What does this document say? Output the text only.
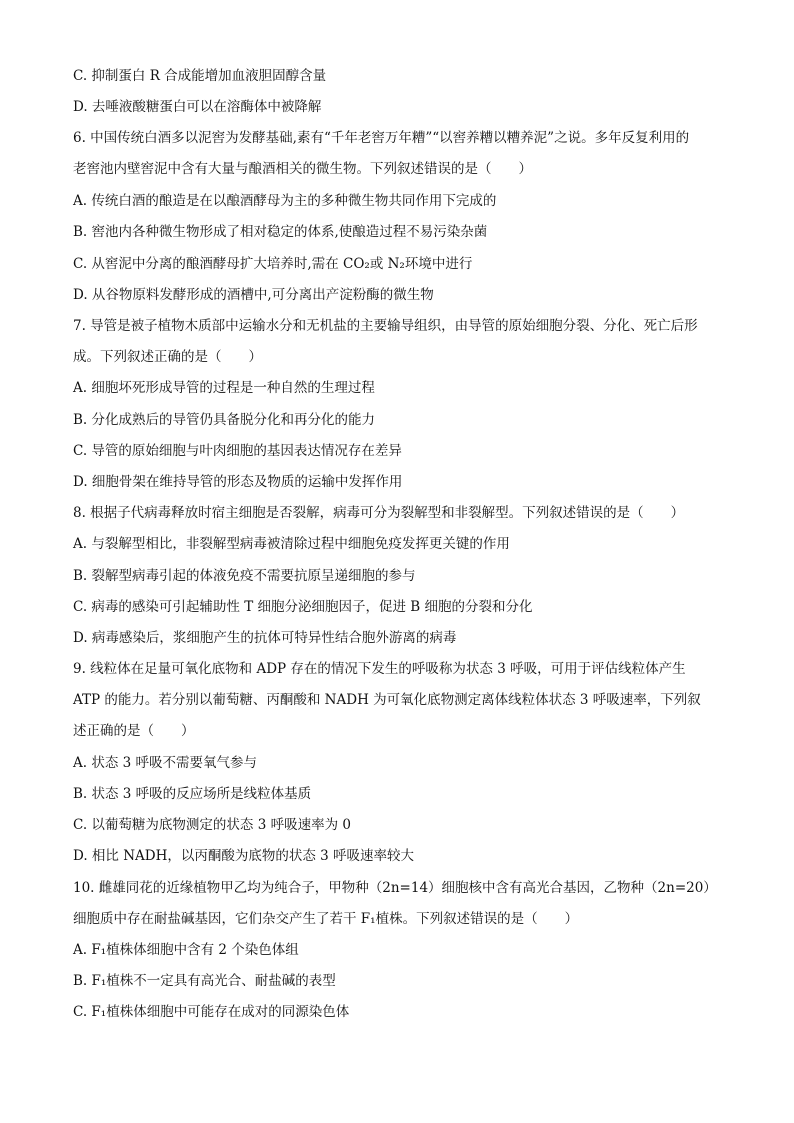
C. 抑制蛋白 R 合成能增加血液胆固醇含量
D. 去唾液酸糖蛋白可以在溶酶体中被降解
6. 中国传统白酒多以泥窖为发酵基础,素有“千年老窖万年糟”“以窖养糟以糟养泥”之说。多年反复利用的
老窖池内壁窖泥中含有大量与酿酒相关的微生物。下列叙述错误的是（　　）
A. 传统白酒的酿造是在以酿酒酵母为主的多种微生物共同作用下完成的
B. 窖池内各种微生物形成了相对稳定的体系,使酿造过程不易污染杂菌
C. 从窖泥中分离的酿酒酵母扩大培养时,需在 CO₂或 N₂环境中进行
D. 从谷物原料发酵形成的酒槽中,可分离出产淀粉酶的微生物
7. 导管是被子植物木质部中运输水分和无机盐的主要输导组织，由导管的原始细胞分裂、分化、死亡后形
成。下列叙述正确的是（　　）
A. 细胞坏死形成导管的过程是一种自然的生理过程
B. 分化成熟后的导管仍具备脱分化和再分化的能力
C. 导管的原始细胞与叶肉细胞的基因表达情况存在差异
D. 细胞骨架在维持导管的形态及物质的运输中发挥作用
8. 根据子代病毒释放时宿主细胞是否裂解，病毒可分为裂解型和非裂解型。下列叙述错误的是（　　）
A. 与裂解型相比，非裂解型病毒被清除过程中细胞免疫发挥更关键的作用
B. 裂解型病毒引起的体液免疫不需要抗原呈递细胞的参与
C. 病毒的感染可引起辅助性 T 细胞分泌细胞因子，促进 B 细胞的分裂和分化
D. 病毒感染后，浆细胞产生的抗体可特异性结合胞外游离的病毒
9. 线粒体在足量可氧化底物和 ADP 存在的情况下发生的呼吸称为状态 3 呼吸，可用于评估线粒体产生
ATP 的能力。若分别以葡萄糖、丙酮酸和 NADH 为可氧化底物测定离体线粒体状态 3 呼吸速率，下列叙
述正确的是（　　）
A. 状态 3 呼吸不需要氧气参与
B. 状态 3 呼吸的反应场所是线粒体基质
C. 以葡萄糖为底物测定的状态 3 呼吸速率为 0
D. 相比 NADH，以丙酮酸为底物的状态 3 呼吸速率较大
10. 雌雄同花的近缘植物甲乙均为纯合子，甲物种（2n=14）细胞核中含有高光合基因，乙物种（2n=20）
细胞质中存在耐盐碱基因，它们杂交产生了若干 F₁植株。下列叙述错误的是（　　）
A. F₁植株体细胞中含有 2 个染色体组
B. F₁植株不一定具有高光合、耐盐碱的表型
C. F₁植株体细胞中可能存在成对的同源染色体
